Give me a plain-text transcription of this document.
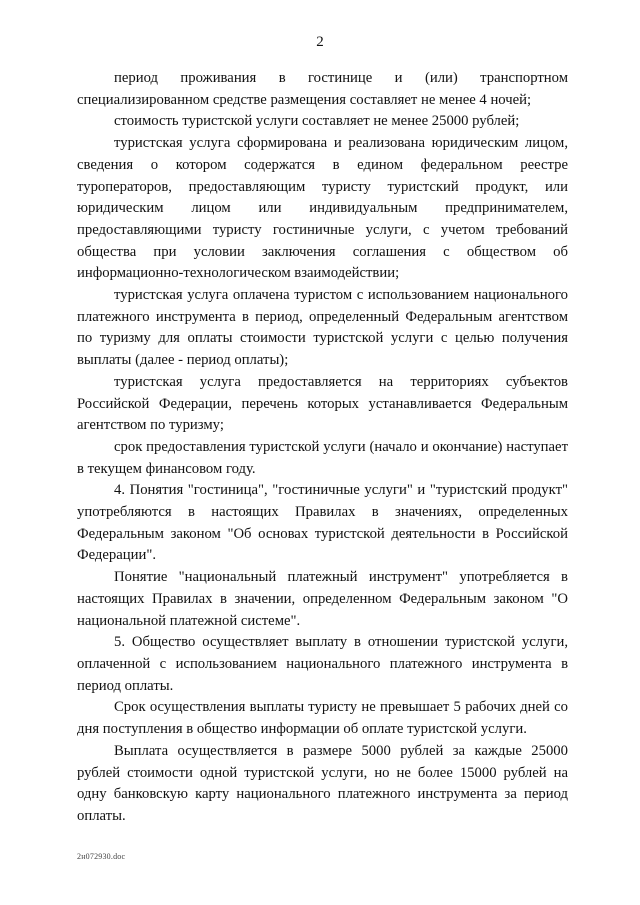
2

период проживания в гостинице и (или) транспортном специализированном средстве размещения составляет не менее 4 ночей;

стоимость туристской услуги составляет не менее 25000 рублей;

туристская услуга сформирована и реализована юридическим лицом, сведения о котором содержатся в едином федеральном реестре туроператоров, предоставляющим туристу туристский продукт, или юридическим лицом или индивидуальным предпринимателем, предоставляющими туристу гостиничные услуги, с учетом требований общества при условии заключения соглашения с обществом об информационно-технологическом взаимодействии;

туристская услуга оплачена туристом с использованием национального платежного инструмента в период, определенный Федеральным агентством по туризму для оплаты стоимости туристской услуги с целью получения выплаты (далее - период оплаты);

туристская услуга предоставляется на территориях субъектов Российской Федерации, перечень которых устанавливается Федеральным агентством по туризму;

срок предоставления туристской услуги (начало и окончание) наступает в текущем финансовом году.

4. Понятия "гостиница", "гостиничные услуги" и "туристский продукт" употребляются в настоящих Правилах в значениях, определенных Федеральным законом "Об основах туристской деятельности в Российской Федерации".

Понятие "национальный платежный инструмент" употребляется в настоящих Правилах в значении, определенном Федеральным законом "О национальной платежной системе".

5. Общество осуществляет выплату в отношении туристской услуги, оплаченной с использованием национального платежного инструмента в период оплаты.

Срок осуществления выплаты туристу не превышает 5 рабочих дней со дня поступления в общество информации об оплате туристской услуги.

Выплата осуществляется в размере 5000 рублей за каждые 25000 рублей стоимости одной туристской услуги, но не более 15000 рублей на одну банковскую карту национального платежного инструмента за период оплаты.

2н072930.doc
